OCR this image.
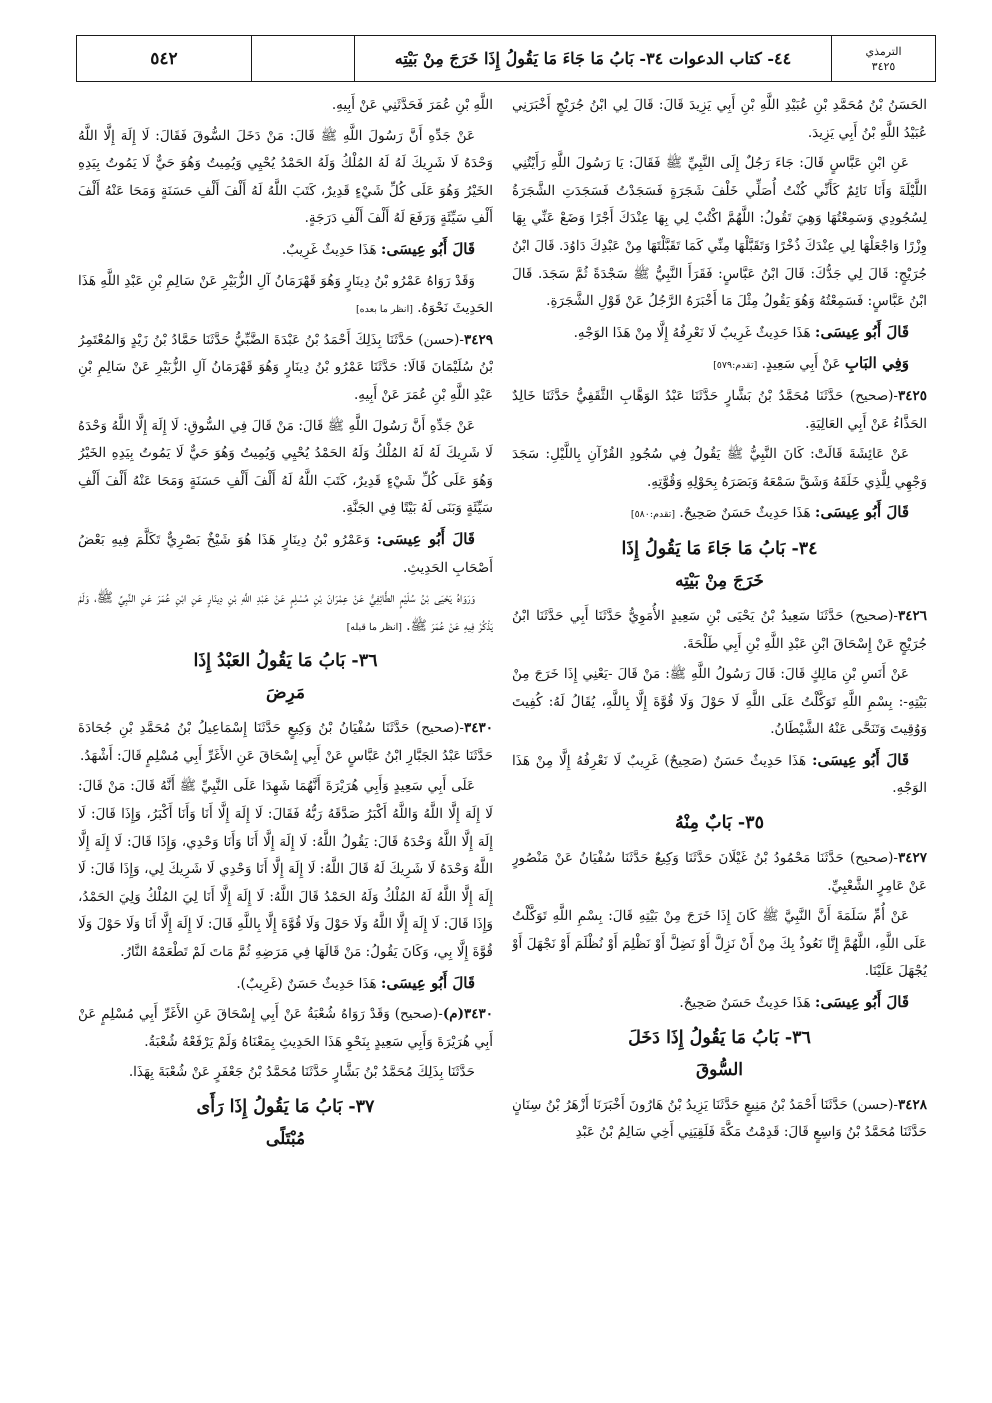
٥٤٢	٤٤- كتاب الدعوات ٣٤- بَابُ مَا جَاءَ مَا يَقُولُ إِذَا خَرَجَ مِنْ بَيْتِه	الترمذي
٣٤٢٥

الحَسَنُ بْنُ مُحَمَّدِ بْنِ عُبَيْدِ اللَّهِ بْنِ أَبِي يَزِيدَ قَالَ: قَالَ لِي ابْنُ جُرَيْجٍ أَخْبَرَنِي عُبَيْدُ اللَّهِ بْنُ أَبِي يَزِيدَ.

عَنِ ابْنِ عَبَّاسٍ قَالَ: جَاءَ رَجُلٌ إِلَى النَّبِيِّ ﷺ فَقَالَ: يَا رَسُولَ اللَّهِ رَأَيْتُنِي اللَّيْلَةَ وَأَنَا نَائِمٌ كَأَنِّي كُنْتُ أُصَلِّي خَلْفَ شَجَرَةٍ فَسَجَدْتُ فَسَجَدَتِ الشَّجَرَةُ لِسُجُودِي وَسَمِعْتُهَا وَهِيَ تَقُولُ: اللَّهُمَّ اكْتُبْ لِي بِهَا عِنْدَكَ أَجْرًا وَضَعْ عَنِّي بِهَا وِزْرًا وَاجْعَلْهَا لِي عِنْدَكَ ذُخْرًا وَتَقَبَّلْهَا مِنِّي كَمَا تَقَبَّلْتَهَا مِنْ عَبْدِكَ دَاوُدَ. قَالَ ابْنُ جُرَيْجٍ: قَالَ لِي جَدُّكَ: قَالَ ابْنُ عَبَّاسٍ: فَقَرَأَ النَّبِيُّ ﷺ سَجْدَةً ثُمَّ سَجَدَ. قَالَ ابْنُ عَبَّاسٍ: فَسَمِعْتُهُ وَهُوَ يَقُولُ مِثْلَ مَا أَخْبَرَهُ الرَّجُلُ عَنْ قَوْلِ الشَّجَرَةِ.

قَالَ أَبُو عِيسَى: هَذَا حَدِيثٌ غَرِيبٌ لَا نَعْرِفُهُ إِلَّا مِنْ هَذَا الوَجْهِ.

وَفِي البَابِ عَنْ أَبِي سَعِيدٍ. [تقدم:٥٧٩]

٣٤٢٥-(صحيح) حَدَّثَنَا مُحَمَّدُ بْنُ بَشَّارٍ حَدَّثَنَا عَبْدُ الوَهَّابِ الثَّقَفِيُّ حَدَّثَنَا خَالِدٌ الحَذَّاءُ عَنْ أَبِي العَالِيَةِ.

عَنْ عَائِشَةَ قَالَتْ: كَانَ النَّبِيُّ ﷺ يَقُولُ فِي سُجُودِ القُرْآنِ بِاللَّيْلِ: سَجَدَ وَجْهِي لِلَّذِي خَلَقَهُ وَشَقَّ سَمْعَهُ وَبَصَرَهُ بِحَوْلِهِ وَقُوَّتِهِ.

قَالَ أَبُو عِيسَى: هَذَا حَدِيثٌ حَسَنٌ صَحِيحٌ. [تقدم:٥٨٠]

٣٤- بَابُ مَا جَاءَ مَا يَقُولُ إِذَا
خَرَجَ مِنْ بَيْتِه

٣٤٢٦-(صحيح) حَدَّثَنَا سَعِيدُ بْنُ يَحْيَى بْنِ سَعِيدٍ الأُمَوِيُّ حَدَّثَنَا أَبِي حَدَّثَنَا ابْنُ جُرَيْجٍ عَنْ إِسْحَاقَ ابْنِ عَبْدِ اللَّهِ بْنِ أَبِي طَلْحَةَ.

عَنْ أَنَسِ بْنِ مَالِكٍ قَالَ: قَالَ رَسُولُ اللَّهِ ﷺ: مَنْ قَالَ -يَعْنِي إِذَا خَرَجَ مِنْ بَيْتِهِ-: بِسْمِ اللَّهِ تَوَكَّلْتُ عَلَى اللَّهِ لَا حَوْلَ وَلَا قُوَّةَ إِلَّا بِاللَّهِ، يُقَالُ لَهُ: كُفِيتَ وَوُقِيتَ وَتَنَحَّى عَنْهُ الشَّيْطَانُ.

قَالَ أَبُو عِيسَى: هَذَا حَدِيثٌ حَسَنٌ (صَحِيحٌ) غَرِيبٌ لَا نَعْرِفُهُ إِلَّا مِنْ هَذَا الوَجْهِ.

٣٥- بَابٌ مِنْهُ

٣٤٢٧-(صحيح) حَدَّثَنَا مَحْمُودُ بْنُ غَيْلَانَ حَدَّثَنَا وَكِيعٌ حَدَّثَنَا سُفْيَانُ عَنْ مَنْصُورٍ عَنْ عَامِرٍ الشَّعْبِيِّ.

عَنْ أُمِّ سَلَمَةَ أَنَّ النَّبِيَّ ﷺ كَانَ إِذَا خَرَجَ مِنْ بَيْتِهِ قَالَ: بِسْمِ اللَّهِ تَوَكَّلْتُ عَلَى اللَّهِ، اللَّهُمَّ إِنَّا نَعُوذُ بِكَ مِنْ أَنْ نَزِلَّ أَوْ نَضِلَّ أَوْ نَظْلِمَ أَوْ نُظْلَمَ أَوْ نَجْهَلَ أَوْ يُجْهَلَ عَلَيْنَا.

قَالَ أَبُو عِيسَى: هَذَا حَدِيثٌ حَسَنٌ صَحِيحٌ.

٣٦- بَابُ مَا يَقُولُ إِذَا دَخَلَ
السُّوقَ

٣٤٢٨-(حسن) حَدَّثَنَا أَحْمَدُ بْنُ مَنِيعٍ حَدَّثَنَا يَزِيدُ بْنُ هَارُونَ أَخْبَرَنَا أَزْهَرُ بْنُ سِنَانٍ حَدَّثَنَا مُحَمَّدُ بْنُ وَاسِعٍ قَالَ: قَدِمْتُ مَكَّةَ فَلَقِيَنِي أَخِي سَالِمُ بْنُ عَبْدِ

اللَّهِ بْنِ عُمَرَ فَحَدَّثَنِي عَنْ أَبِيهِ.

عَنْ جَدِّهِ أَنَّ رَسُولَ اللَّهِ ﷺ قَالَ: مَنْ دَخَلَ السُّوقَ فَقَالَ: لَا إِلَهَ إِلَّا اللَّهُ وَحْدَهُ لَا شَرِيكَ لَهُ لَهُ المُلْكُ وَلَهُ الحَمْدُ يُحْيِي وَيُمِيتُ وَهُوَ حَيٌّ لَا يَمُوتُ بِيَدِهِ الخَيْرُ وَهُوَ عَلَى كُلِّ شَيْءٍ قَدِيرٌ، كَتَبَ اللَّهُ لَهُ أَلْفَ أَلْفِ حَسَنَةٍ وَمَحَا عَنْهُ أَلْفَ أَلْفِ سَيِّئَةٍ وَرَفَعَ لَهُ أَلْفَ أَلْفِ دَرَجَةٍ.

قَالَ أَبُو عِيسَى: هَذَا حَدِيثٌ غَرِيبٌ.

وَقَدْ رَوَاهُ عَمْرُو بْنُ دِينَارٍ وَهُوَ قَهْرَمَانُ آلِ الزُّبَيْرِ عَنْ سَالِمِ بْنِ عَبْدِ اللَّهِ هَذَا الحَدِيثَ نَحْوَهُ. [انظر ما بعده]

٣٤٢٩-(حسن) حَدَّثَنَا بِذَلِكَ أَحْمَدُ بْنُ عَبْدَةَ الضَّبِّيُّ حَدَّثَنَا حَمَّادُ بْنُ زَيْدٍ وَالمُعْتَمِرُ بْنُ سُلَيْمَانَ قَالَا: حَدَّثَنَا عَمْرُو بْنُ دِينَارٍ وَهُوَ قَهْرَمَانُ آلِ الزُّبَيْرِ عَنْ سَالِمِ بْنِ عَبْدِ اللَّهِ بْنِ عُمَرَ عَنْ أَبِيهِ.

عَنْ جَدِّهِ أَنَّ رَسُولَ اللَّهِ ﷺ قَالَ: مَنْ قَالَ فِي السُّوقِ: لَا إِلَهَ إِلَّا اللَّهُ وَحْدَهُ لَا شَرِيكَ لَهُ لَهُ المُلْكُ وَلَهُ الحَمْدُ يُحْيِي وَيُمِيتُ وَهُوَ حَيٌّ لَا يَمُوتُ بِيَدِهِ الخَيْرُ وَهُوَ عَلَى كُلِّ شَيْءٍ قَدِيرٌ، كَتَبَ اللَّهُ لَهُ أَلْفَ أَلْفِ حَسَنَةٍ وَمَحَا عَنْهُ أَلْفَ أَلْفِ سَيِّئَةٍ وَبَنَى لَهُ بَيْتًا فِي الجَنَّةِ.

قَالَ أَبُو عِيسَى: وَعَمْرُو بْنُ دِينَارٍ هَذَا هُوَ شَيْخٌ بَصْرِيٌّ تَكَلَّمَ فِيهِ بَعْضُ أَصْحَابِ الحَدِيثِ.

وَرَوَاهُ يَحْيَى بْنُ سُلَيْمٍ الطَّائِفِيُّ عَنْ عِمْرَانَ بْنِ مُسْلِمٍ عَنْ عَبْدِ اللَّهِ بْنِ دِينَارٍ عَنِ ابْنِ عُمَرَ عَنِ النَّبِيِّ ﷺ، وَلَمْ يَذْكُرْ فِيهِ عَنْ عُمَرَ ﷺ. [انظر ما قبله]

٣٦- بَابُ مَا يَقُولُ العَبْدُ إِذَا
مَرِضَ

٣٤٣٠-(صحيح) حَدَّثَنَا سُفْيَانُ بْنُ وَكِيعٍ حَدَّثَنَا إِسْمَاعِيلُ بْنُ مُحَمَّدِ بْنِ جُحَادَةَ حَدَّثَنَا عَبْدُ الجَبَّارِ ابْنُ عَبَّاسٍ عَنْ أَبِي إِسْحَاقَ عَنِ الأَغَرِّ أَبِي مُسْلِمٍ قَالَ: أَشْهَدُ.

عَلَى أَبِي سَعِيدٍ وَأَبِي هُرَيْرَةَ أَنَّهُمَا شَهِدَا عَلَى النَّبِيِّ ﷺ أَنَّهُ قَالَ: مَنْ قَالَ: لَا إِلَهَ إِلَّا اللَّهُ وَاللَّهُ أَكْبَرُ صَدَّقَهُ رَبُّهُ فَقَالَ: لَا إِلَهَ إِلَّا أَنَا وَأَنَا أَكْبَرُ، وَإِذَا قَالَ: لَا إِلَهَ إِلَّا اللَّهُ وَحْدَهُ قَالَ: يَقُولُ اللَّهُ: لَا إِلَهَ إِلَّا أَنَا وَأَنَا وَحْدِي، وَإِذَا قَالَ: لَا إِلَهَ إِلَّا اللَّهُ وَحْدَهُ لَا شَرِيكَ لَهُ قَالَ اللَّهُ: لَا إِلَهَ إِلَّا أَنَا وَحْدِي لَا شَرِيكَ لِي، وَإِذَا قَالَ: لَا إِلَهَ إِلَّا اللَّهُ لَهُ المُلْكُ وَلَهُ الحَمْدُ قَالَ اللَّهُ: لَا إِلَهَ إِلَّا أَنَا لِيَ المُلْكُ وَلِيَ الحَمْدُ، وَإِذَا قَالَ: لَا إِلَهَ إِلَّا اللَّهُ وَلَا حَوْلَ وَلَا قُوَّةَ إِلَّا بِاللَّهِ قَالَ: لَا إِلَهَ إِلَّا أَنَا وَلَا حَوْلَ وَلَا قُوَّةَ إِلَّا بِي، وَكَانَ يَقُولُ: مَنْ قَالَهَا فِي مَرَضِهِ ثُمَّ مَاتَ لَمْ تَطْعَمْهُ النَّارُ.

قَالَ أَبُو عِيسَى: هَذَا حَدِيثٌ حَسَنٌ (غَرِيبٌ).

٣٤٣٠(م)-(صحيح) وَقَدْ رَوَاهُ شُعْبَةُ عَنْ أَبِي إِسْحَاقَ عَنِ الأَغَرِّ أَبِي مُسْلِمٍ عَنْ أَبِي هُرَيْرَةَ وَأَبِي سَعِيدٍ بِنَحْوِ هَذَا الحَدِيثِ بِمَعْنَاهُ وَلَمْ يَرْفَعْهُ شُعْبَةُ.

حَدَّثَنَا بِذَلِكَ مُحَمَّدُ بْنُ بَشَّارٍ حَدَّثَنَا مُحَمَّدُ بْنُ جَعْفَرٍ عَنْ شُعْبَةَ بِهَذَا.

٣٧- بَابُ مَا يَقُولُ إِذَا رَأَى
مُبْتَلًى
